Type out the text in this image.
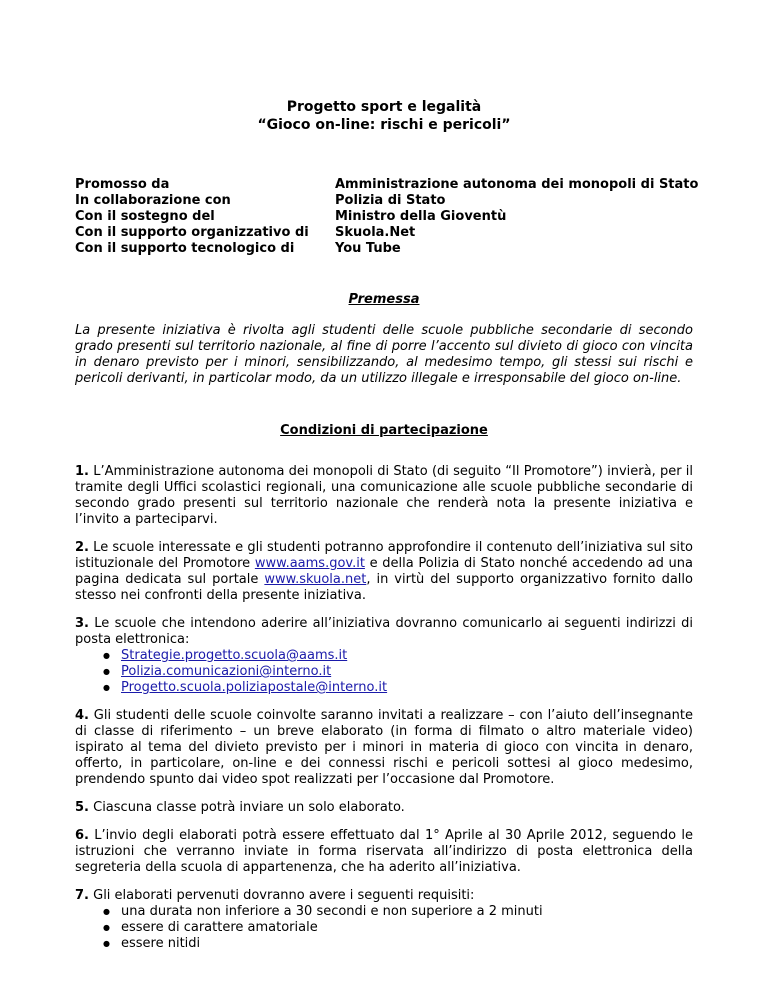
Progetto sport e legalità
“Gioco on-line: rischi e pericoli”
Promosso da	Amministrazione autonoma dei monopoli di Stato
In collaborazione con	Polizia di Stato
Con il sostegno del	Ministro della Gioventù
Con il supporto organizzativo di	Skuola.Net
Con il supporto tecnologico di	You Tube
Premessa
La presente iniziativa è rivolta agli studenti delle scuole pubbliche secondarie di secondo grado presenti sul territorio nazionale, al fine di porre l’accento sul divieto di gioco con vincita in denaro previsto per i minori, sensibilizzando, al medesimo tempo, gli stessi sui rischi e pericoli derivanti, in particolar modo, da un utilizzo illegale e irresponsabile del gioco on-line.
Condizioni di partecipazione

1. L’Amministrazione autonoma dei monopoli di Stato (di seguito “Il Promotore”) invierà, per il tramite degli Uffici scolastici regionali, una comunicazione alle scuole pubbliche secondarie di secondo grado presenti sul territorio nazionale che renderà nota la presente iniziativa e l’invito a parteciparvi.

2. Le scuole interessate e gli studenti potranno approfondire il contenuto dell’iniziativa sul sito istituzionale del Promotore www.aams.gov.it e della Polizia di Stato nonché accedendo ad una pagina dedicata sul portale www.skuola.net, in virtù del supporto organizzativo fornito dallo stesso nei confronti della presente iniziativa.

3. Le scuole che intendono aderire all’iniziativa dovranno comunicarlo ai seguenti indirizzi di posta elettronica:
● Strategie.progetto.scuola@aams.it
● Polizia.comunicazioni@interno.it
● Progetto.scuola.poliziapostale@interno.it

4. Gli studenti delle scuole coinvolte saranno invitati a realizzare – con l’aiuto dell’insegnante di classe di riferimento – un breve elaborato (in forma di filmato o altro materiale video) ispirato al tema del divieto previsto per i minori in materia di gioco con vincita in denaro, offerto, in particolare, on-line e dei connessi rischi e pericoli sottesi al gioco medesimo, prendendo spunto dai video spot realizzati per l’occasione dal Promotore.

5. Ciascuna classe potrà inviare un solo elaborato.

6. L’invio degli elaborati potrà essere effettuato dal 1° Aprile al 30 Aprile 2012, seguendo le istruzioni che verranno inviate in forma riservata all’indirizzo di posta elettronica della segreteria della scuola di appartenenza, che ha aderito all’iniziativa.

7. Gli elaborati pervenuti dovranno avere i seguenti requisiti:
● una durata non inferiore a 30 secondi e non superiore a 2 minuti
● essere di carattere amatoriale
● essere nitidi
